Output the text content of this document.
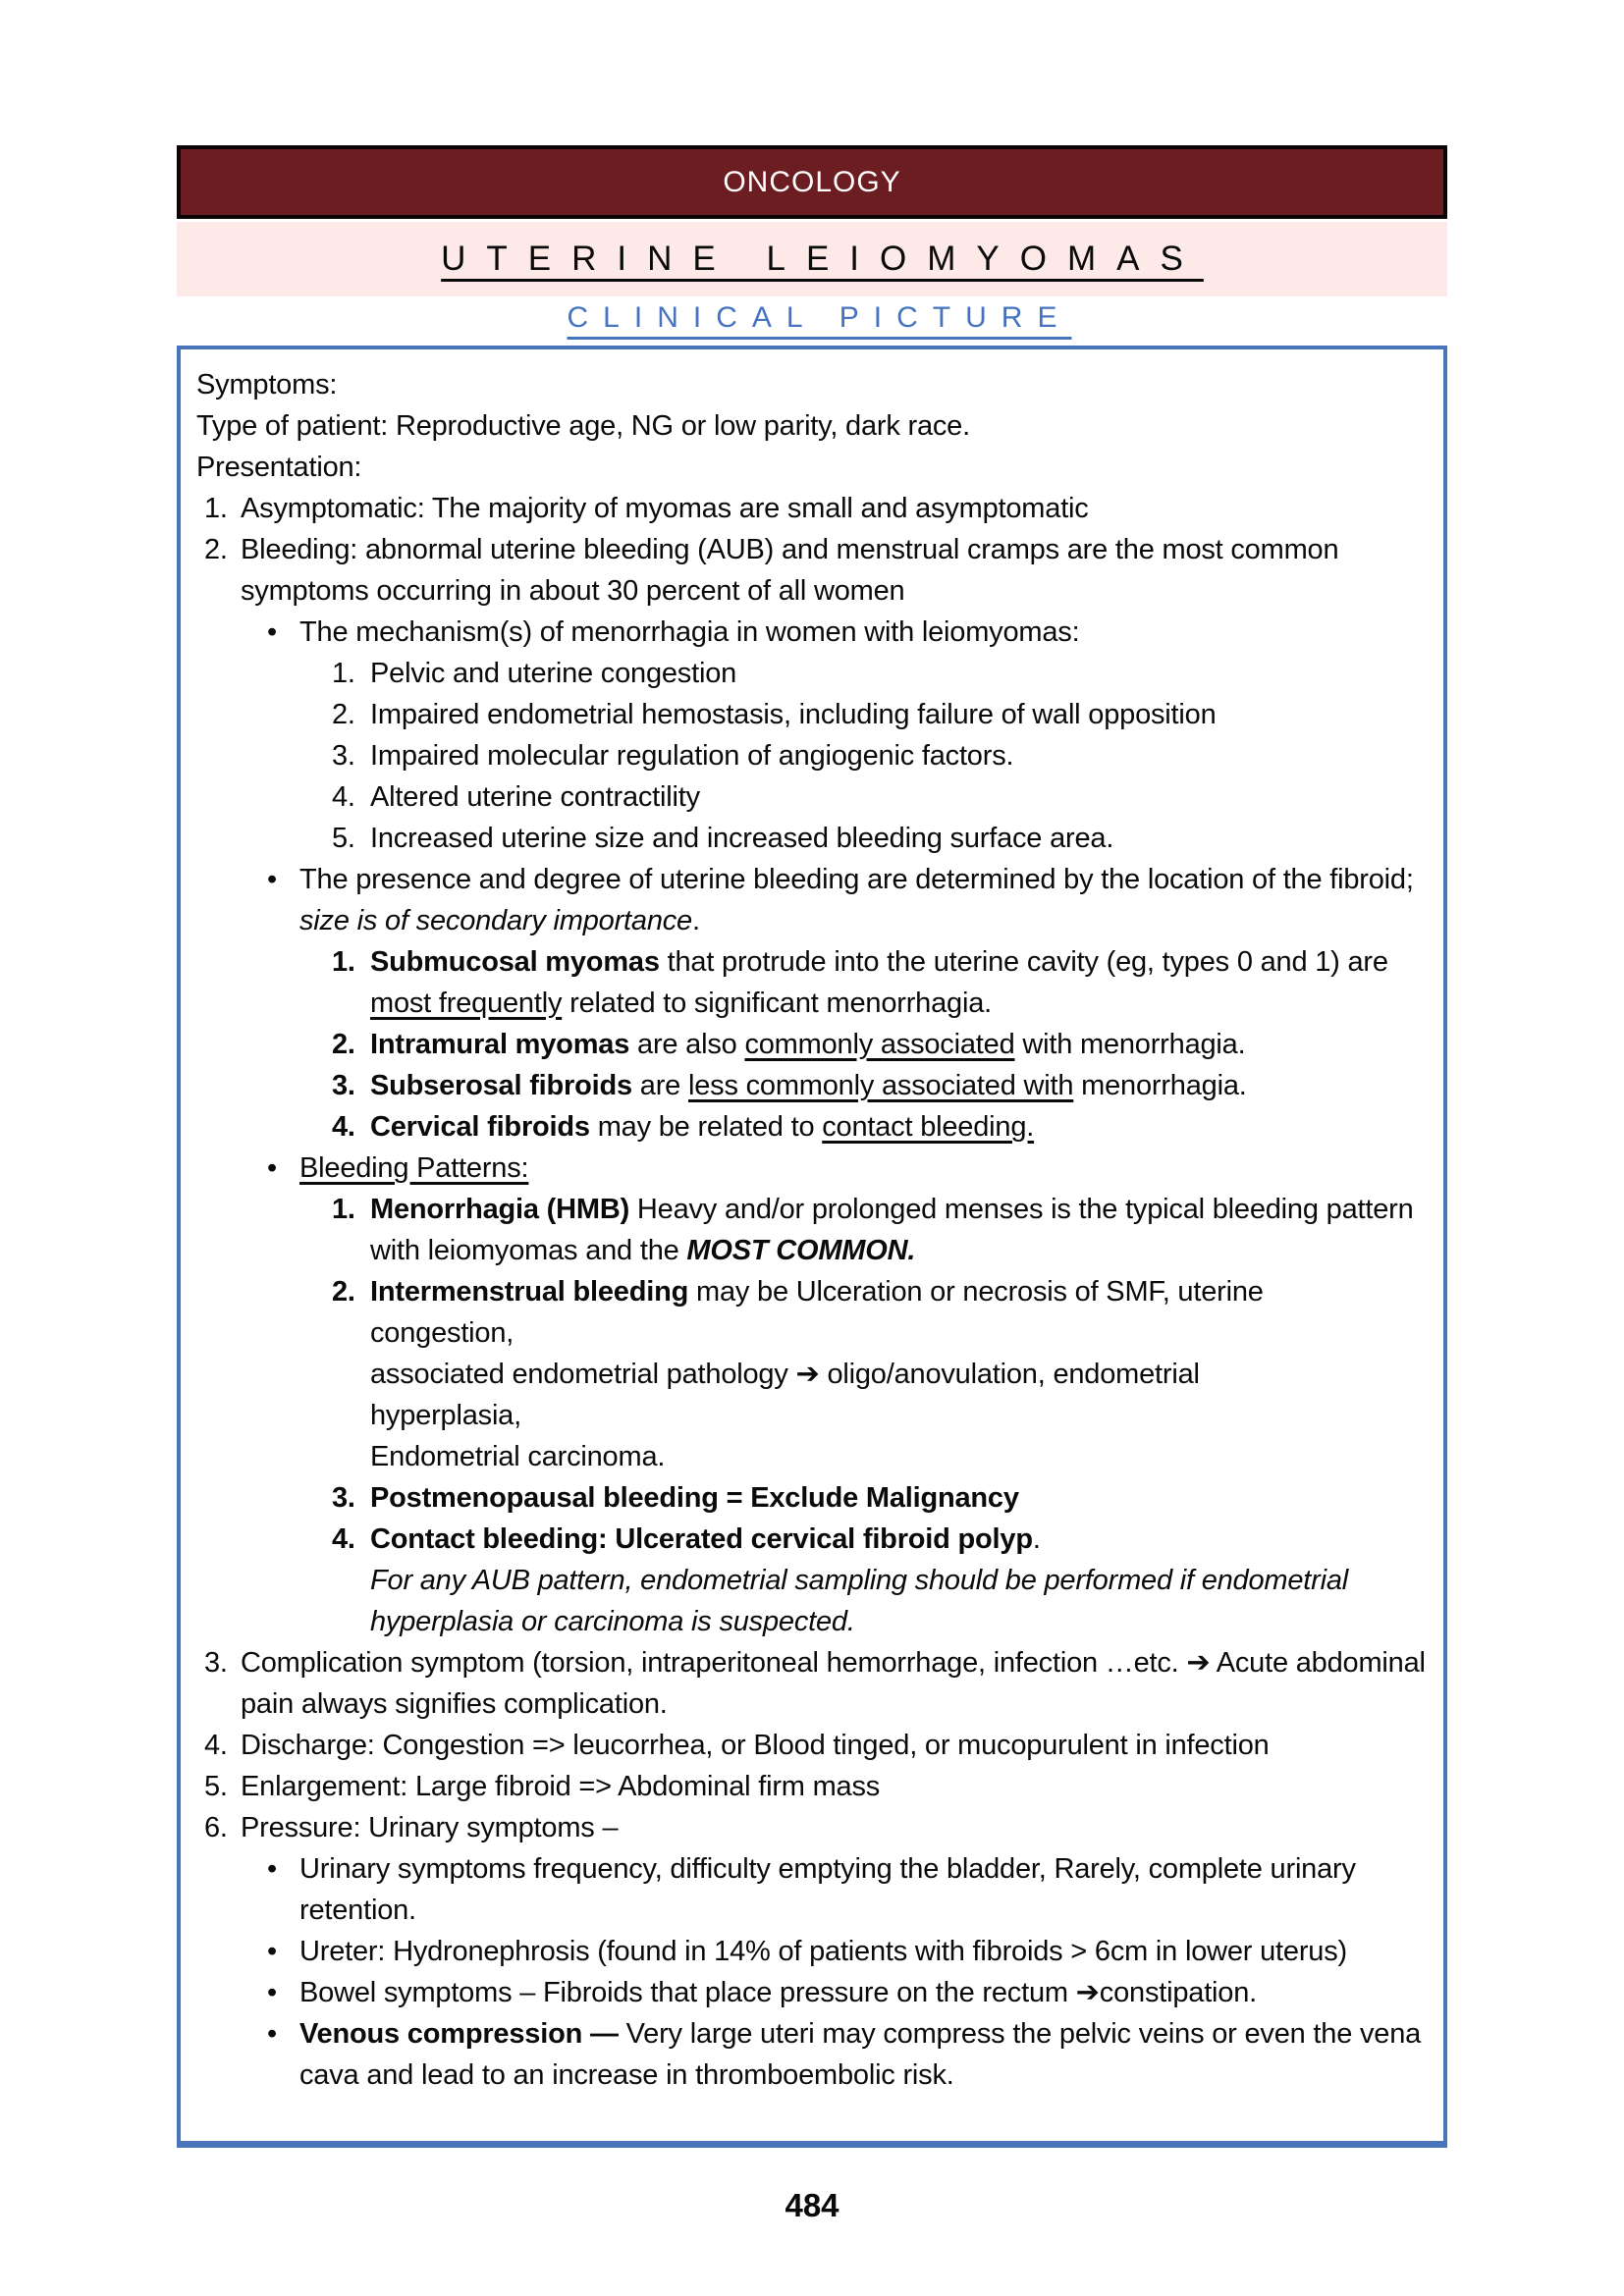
ONCOLOGY
UTERINE LEIOMYOMAS
CLINICAL PICTURE
Symptoms:
Type of patient: Reproductive age, NG or low parity, dark race.
Presentation:
1. Asymptomatic: The majority of myomas are small and asymptomatic
2. Bleeding: abnormal uterine bleeding (AUB) and menstrual cramps are the most common symptoms occurring in about 30 percent of all women
• The mechanism(s) of menorrhagia in women with leiomyomas:
1. Pelvic and uterine congestion
2. Impaired endometrial hemostasis, including failure of wall opposition
3. Impaired molecular regulation of angiogenic factors.
4. Altered uterine contractility
5. Increased uterine size and increased bleeding surface area.
• The presence and degree of uterine bleeding are determined by the location of the fibroid; size is of secondary importance.
1. Submucosal myomas that protrude into the uterine cavity (eg, types 0 and 1) are most frequently related to significant menorrhagia.
2. Intramural myomas are also commonly associated with menorrhagia.
3. Subserosal fibroids are less commonly associated with menorrhagia.
4. Cervical fibroids may be related to contact bleeding.
• Bleeding Patterns:
1. Menorrhagia (HMB) Heavy and/or prolonged menses is the typical bleeding pattern with leiomyomas and the MOST COMMON.
2. Intermenstrual bleeding may be Ulceration or necrosis of SMF, uterine
congestion,
associated endometrial pathology ➔ oligo/anovulation, endometrial
hyperplasia,
Endometrial carcinoma.
3. Postmenopausal bleeding = Exclude Malignancy
4. Contact bleeding: Ulcerated cervical fibroid polyp.
For any AUB pattern, endometrial sampling should be performed if endometrial hyperplasia or carcinoma is suspected.
3. Complication symptom (torsion, intraperitoneal hemorrhage, infection …etc. ➔ Acute abdominal pain always signifies complication.
4. Discharge: Congestion => leucorrhea, or Blood tinged, or mucopurulent in infection
5. Enlargement: Large fibroid => Abdominal firm mass
6. Pressure: Urinary symptoms –
• Urinary symptoms frequency, difficulty emptying the bladder, Rarely, complete urinary retention.
• Ureter: Hydronephrosis (found in 14% of patients with fibroids > 6cm in lower uterus)
• Bowel symptoms – Fibroids that place pressure on the rectum ➔constipation.
• Venous compression — Very large uteri may compress the pelvic veins or even the vena cava and lead to an increase in thromboembolic risk.
484
